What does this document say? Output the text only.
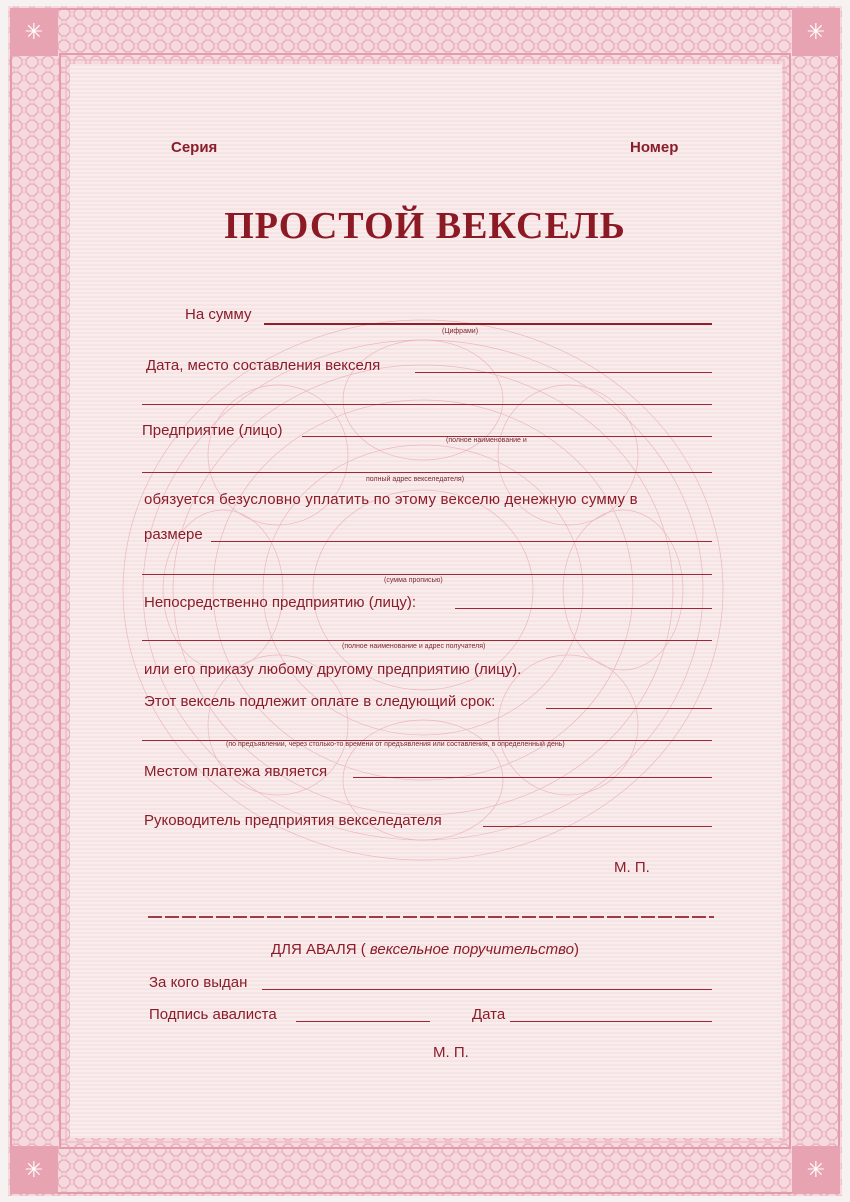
✳	✳
✳	✳
Серия	Номер
ПРОСТОЙ ВЕКСЕЛЬ
На сумму
(Цифрами)
Дата, место составления векселя
Предприятие (лицо)
(полное наименование и
полный адрес векселедателя)
обязуется безусловно уплатить по этому векселю денежную сумму в
размере
(сумма прописью)
Непосредственно предприятию (лицу):
(полное наименование и адрес получателя)
или его приказу любому другому предприятию (лицу).
Этот вексель подлежит оплате в следующий срок:
(по предъявлении, через столько-то времени от предъявления или составления, в определенный день)
Местом платежа является
Руководитель предприятия векселедателя
М. П.
ДЛЯ АВАЛЯ ( вексельное поручительство)
За кого выдан
Подпись авалиста	Дата
М. П.
